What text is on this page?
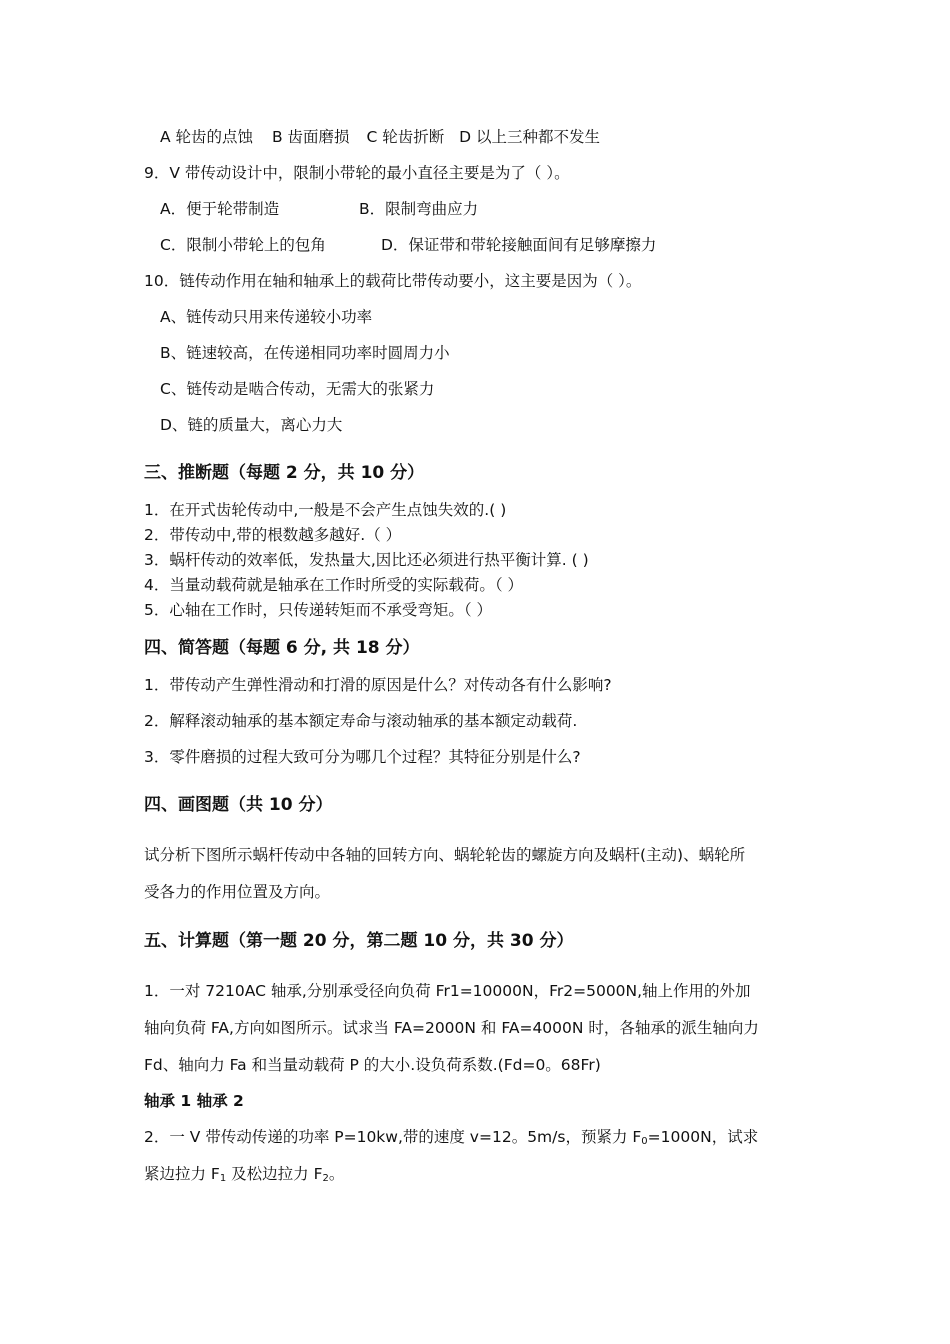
A 轮齿的点蚀 B 齿面磨损 C 轮齿折断 D 以上三种都不发生
9．V 带传动设计中，限制小带轮的最小直径主要是为了（ ）。
A．便于轮带制造	B．限制弯曲应力
C．限制小带轮上的包角	D．保证带和带轮接触面间有足够摩擦力
10．链传动作用在轴和轴承上的载荷比带传动要小，这主要是因为（ ）。
A、链传动只用来传递较小功率
B、链速较高，在传递相同功率时圆周力小
C、链传动是啮合传动，无需大的张紧力
D、链的质量大，离心力大
三、推断题（每题 2 分，共 10 分）
1．在开式齿轮传动中,一般是不会产生点蚀失效的.( )
2．带传动中,带的根数越多越好.（ ）
3．蜗杆传动的效率低，发热量大,因比还必须进行热平衡计算. ( )
4．当量动载荷就是轴承在工作时所受的实际载荷。（ ）
5．心轴在工作时，只传递转矩而不承受弯矩。（ ）
四、简答题（每题 6 分, 共 18 分）
1．带传动产生弹性滑动和打滑的原因是什么？对传动各有什么影响?
2．解释滚动轴承的基本额定寿命与滚动轴承的基本额定动载荷.
3．零件磨损的过程大致可分为哪几个过程？其特征分别是什么?
四、画图题（共 10 分）
试分析下图所示蜗杆传动中各轴的回转方向、蜗轮轮齿的螺旋方向及蜗杆(主动)、蜗轮所
受各力的作用位置及方向。
五、计算题（第一题 20 分，第二题 10 分，共 30 分）
1．一对 7210AC 轴承,分别承受径向负荷 Fr1=10000N，Fr2=5000N,轴上作用的外加
轴向负荷 FA,方向如图所示。试求当 FA=2000N 和 FA=4000N 时，各轴承的派生轴向力
Fd、轴向力 Fa 和当量动载荷 P 的大小.设负荷系数.(Fd=0。68Fr)
轴承 1 轴承 2
2．一 V 带传动传递的功率 P=10kw,带的速度 v=12。5m/s，预紧力 $F_0=1000N$，试求
紧边拉力 $F_1$ 及松边拉力 $F_2$。
